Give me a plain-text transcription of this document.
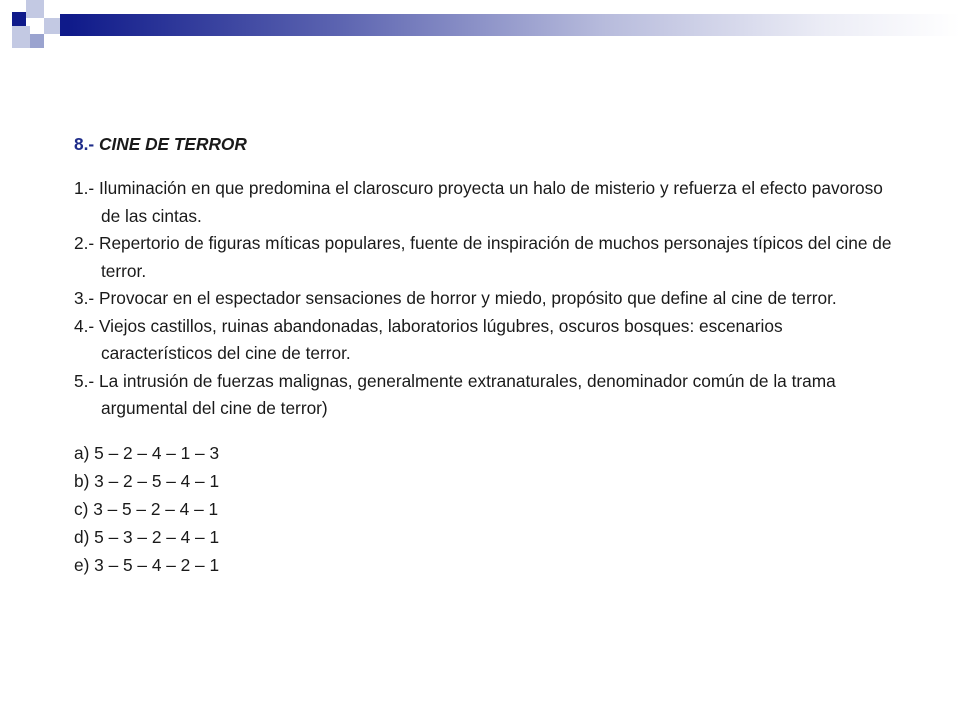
8.- CINE DE TERROR
1.- Iluminación en que predomina el claroscuro proyecta un halo de misterio y refuerza el efecto pavoroso de las cintas.
2.- Repertorio de figuras míticas populares, fuente de inspiración de muchos personajes típicos del cine de terror.
3.- Provocar en el espectador sensaciones de horror y miedo, propósito que define al cine de terror.
4.- Viejos castillos, ruinas abandonadas, laboratorios lúgubres, oscuros bosques: escenarios característicos del cine de terror.
5.- La intrusión de fuerzas malignas, generalmente extranaturales, denominador común de la trama argumental del cine de terror)
a) 5 – 2 – 4 – 1 – 3
b) 3 – 2 – 5 – 4 – 1
c) 3 – 5 – 2 – 4 – 1
d) 5 – 3 – 2 – 4 – 1
e) 3 – 5 – 4 – 2 – 1
